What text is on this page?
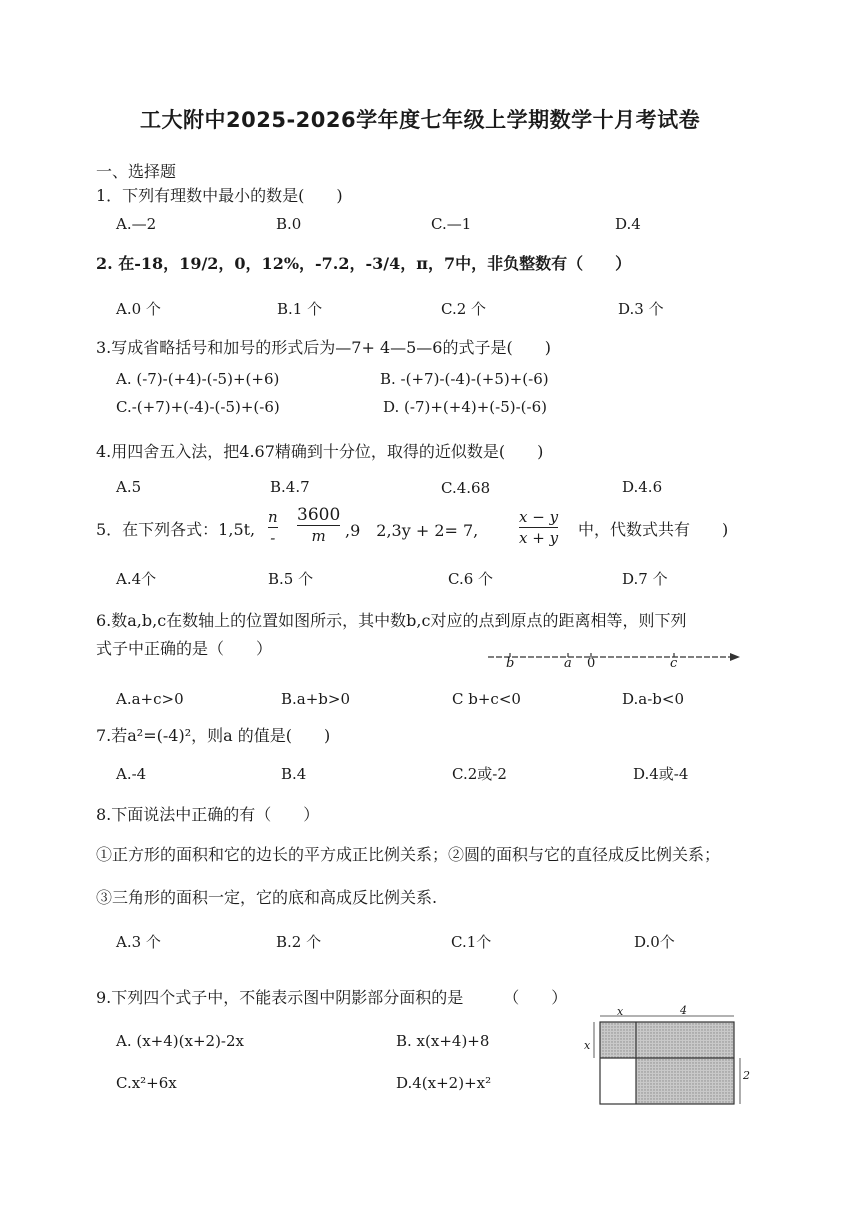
工大附中2025-2026学年度七年级上学期数学十月考试卷
一、选择题
1．下列有理数中最小的数是(　　)
A.—2	B.0	C.—1	D.4
2. 在-18，19/2，0，12%，-7.2，-3/4，π，7中，非负整数有（　　）
A.0 个	B.1 个	C.2 个	D.3 个
3.写成省略括号和加号的形式后为—7+ 4—5—6的式子是(　　)
A. (-7)-(+4)-(-5)+(+6)	B. -(+7)-(-4)-(+5)+(-6)
C.-(+7)+(-4)-(-5)+(-6)	D. (-7)+(+4)+(-5)-(-6)
4.用四舍五入法，把4.67精确到十分位，取得的近似数是(　　)
A.5	B.4.7	C.4.68	D.4.6
5．在下列各式：1,5t,
n
-
3600
m	,9　2,3y + 2= 7,
x − y
x + y 中，代数式共有　　)
A.4个	B.5 个	C.6 个	D.7 个
6.数a,b,c在数轴上的位置如图所示，其中数b,c对应的点到原点的距离相等，则下列
式子中正确的是（　　）
b	a 0	c
A.a+c>0	B.a+b>0	C b+c<0	D.a-b<0
7.若a²=(-4)²，则a 的值是(　　)
A.-4	B.4	C.2或-2	D.4或-4
8.下面说法中正确的有（　　）
①正方形的面积和它的边长的平方成正比例关系；②圆的面积与它的直径成反比例关系；
③三角形的面积一定，它的底和高成反比例关系.
A.3 个	B.2 个	C.1个	D.0个
9.下列四个式子中，不能表示图中阴影部分面积的是　　　（　　）
A. (x+4)(x+2)-2x	B. x(x+4)+8
C.x²+6x	D.4(x+2)+x²
x	4
x
2
